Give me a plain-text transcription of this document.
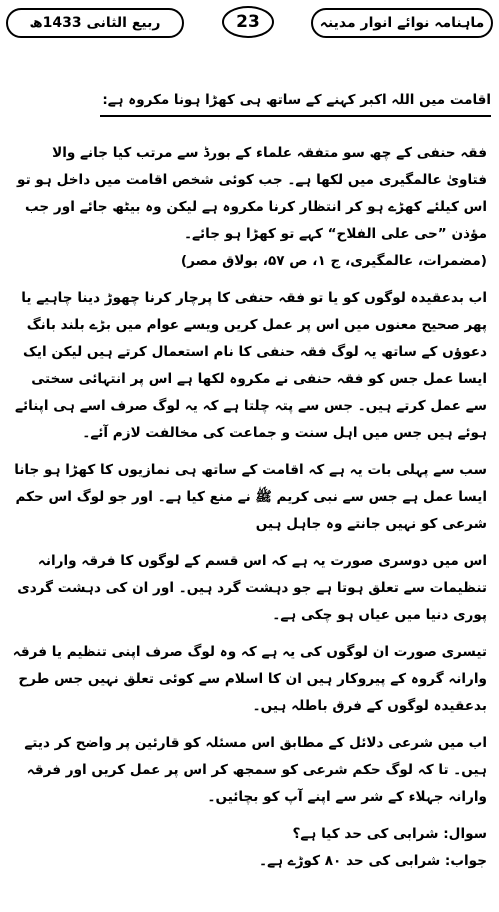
ربیع الثانی 1433ھ	23	ماہنامہ نوائے انوار مدینہ
اقامت میں اللہ اکبر کہنے کے ساتھ ہی کھڑا ہونا مکروہ ہے:

فقہ حنفی کے چھ سو متفقہ علماء کے بورڈ سے مرتب کیا جانے والا فتاویٰ عالمگیری میں لکھا ہے۔ جب کوئی شخص اقامت میں داخل ہو تو اس کیلئے کھڑے ہو کر انتظار کرنا مکروہ ہے لیکن وہ بیٹھ جائے اور جب مؤذن ”حی علی الفلاح“ کہے تو کھڑا ہو جائے۔

(مضمرات، عالمگیری، ج ۱، ص ۵۷، بولاق مصر)

اب بدعقیدہ لوگوں کو یا تو فقہ حنفی کا پرچار کرنا چھوڑ دینا چاہیے یا پھر صحیح معنوں میں اس پر عمل کریں ویسے عوام میں بڑے بلند بانگ دعوؤں کے ساتھ یہ لوگ فقہ حنفی کا نام استعمال کرتے ہیں لیکن ایک ایسا عمل جس کو فقہ حنفی نے مکروہ لکھا ہے اس پر انتہائی سختی سے عمل کرتے ہیں۔ جس سے پتہ چلتا ہے کہ یہ لوگ صرف اسے ہی اپنائے ہوئے ہیں جس میں اہل سنت و جماعت کی مخالفت لازم آئے۔

سب سے پہلی بات یہ ہے کہ اقامت کے ساتھ ہی نمازیوں کا کھڑا ہو جانا ایسا عمل ہے جس سے نبی کریم ﷺ نے منع کیا ہے۔ اور جو لوگ اس حکم شرعی کو نہیں جانتے وہ جاہل ہیں

اس میں دوسری صورت یہ ہے کہ اس قسم کے لوگوں کا فرقہ وارانہ تنظیمات سے تعلق ہوتا ہے جو دہشت گرد ہیں۔ اور ان کی دہشت گردی پوری دنیا میں عیاں ہو چکی ہے۔

تیسری صورت ان لوگوں کی یہ ہے کہ وہ لوگ صرف اپنی تنظیم یا فرقہ وارانہ گروہ کے پیروکار ہیں ان کا اسلام سے کوئی تعلق نہیں جس طرح بدعقیدہ لوگوں کے فرق باطلہ ہیں۔

اب میں شرعی دلائل کے مطابق اس مسئلہ کو قارئین پر واضح کر دیتے ہیں۔ تا کہ لوگ حکم شرعی کو سمجھ کر اس پر عمل کریں اور فرقہ وارانہ جہلاء کے شر سے اپنے آپ کو بچائیں۔

سوال: شرابی کی حد کیا ہے؟

جواب: شرابی کی حد ۸۰ کوڑے ہے۔
